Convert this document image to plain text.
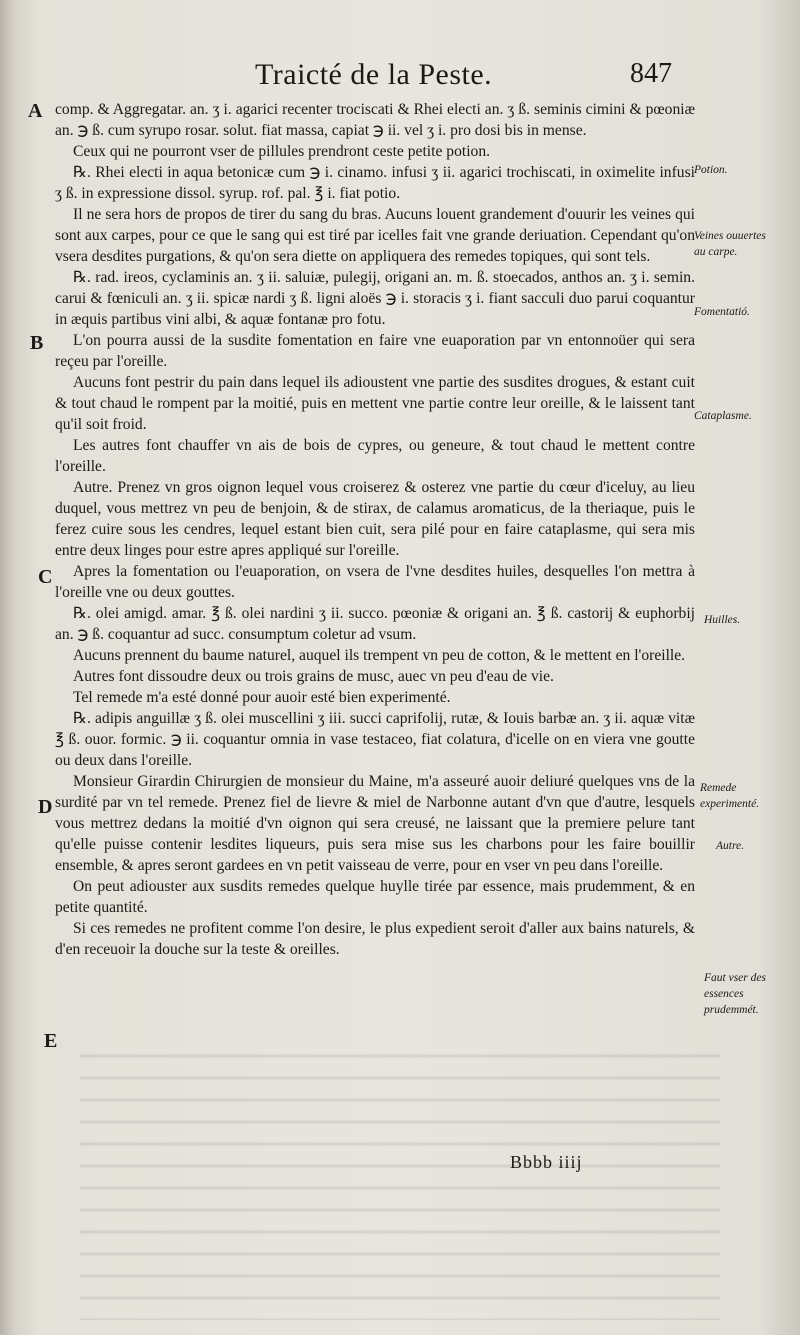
Traicté de la Peste.	847
A
B
C
D
E
Potion.
Veines ouuertes au carpe.
Fomentatió.
Cataplasme.
Huilles.
Remede experimenté.
Autre.
Faut vser des essences prudemmét.

comp. & Aggregatar. an. ʒ i. agarici recenter trociscati & Rhei electi an. ʒ ß. seminis cimini & pœoniæ an. ℈ ß. cum syrupo rosar. solut. fiat massa, capiat ℈ ii. vel ʒ i. pro dosi bis in mense.

Ceux qui ne pourront vser de pillules prendront ceste petite potion.

℞. Rhei electi in aqua betonicæ cum ℈ i. cinamo. infusi ʒ ii. agarici trochiscati, in oximelite infusi ʒ ß. in expressione dissol. syrup. rof. pal. ℥ i. fiat potio.

Il ne sera hors de propos de tirer du sang du bras. Aucuns louent grandement d'ouurir les veines qui sont aux carpes, pour ce que le sang qui est tiré par icelles fait vne grande deriuation. Cependant qu'on vsera desdites purgations, & qu'on sera diette on appliquera des remedes topiques, qui sont tels.

℞. rad. ireos, cyclaminis an. ʒ ii. saluiæ, pulegij, origani an. m. ß. stoecados, anthos an. ʒ i. semin. carui & fœniculi an. ʒ ii. spicæ nardi ʒ ß. ligni aloës ℈ i. storacis ʒ i. fiant sacculi duo parui coquantur in æquis partibus vini albi, & aquæ fontanæ pro fotu.

L'on pourra aussi de la susdite fomentation en faire vne euaporation par vn entonnoüer qui sera reçeu par l'oreille.

Aucuns font pestrir du pain dans lequel ils adioustent vne partie des susdites drogues, & estant cuit & tout chaud le rompent par la moitié, puis en mettent vne partie contre leur oreille, & le laissent tant qu'il soit froid.

Les autres font chauffer vn ais de bois de cypres, ou geneure, & tout chaud le mettent contre l'oreille.

Autre. Prenez vn gros oignon lequel vous croiserez & osterez vne partie du cœur d'iceluy, au lieu duquel, vous mettrez vn peu de benjoin, & de stirax, de calamus aromaticus, de la theriaque, puis le ferez cuire sous les cendres, lequel estant bien cuit, sera pilé pour en faire cataplasme, qui sera mis entre deux linges pour estre apres appliqué sur l'oreille.

Apres la fomentation ou l'euaporation, on vsera de l'vne desdites huiles, desquelles l'on mettra à l'oreille vne ou deux gouttes.

℞. olei amigd. amar. ℥ ß. olei nardini ʒ ii. succo. pœoniæ & origani an. ℥ ß. castorij & euphorbij an. ℈ ß. coquantur ad succ. consumptum coletur ad vsum.

Aucuns prennent du baume naturel, auquel ils trempent vn peu de cotton, & le mettent en l'oreille.

Autres font dissoudre deux ou trois grains de musc, auec vn peu d'eau de vie.

Tel remede m'a esté donné pour auoir esté bien experimenté.

℞. adipis anguillæ ʒ ß. olei muscellini ʒ iii. succi caprifolij, rutæ, & Iouis barbæ an. ʒ ii. aquæ vitæ ℥ ß. ouor. formic. ℈ ii. coquantur omnia in vase testaceo, fiat colatura, d'icelle on en viera vne goutte ou deux dans l'oreille.

Monsieur Girardin Chirurgien de monsieur du Maine, m'a asseuré auoir deliuré quelques vns de la surdité par vn tel remede. Prenez fiel de lievre & miel de Narbonne autant d'vn que d'autre, lesquels vous mettrez dedans la moitié d'vn oignon qui sera creusé, ne laissant que la premiere pelure tant qu'elle puisse contenir lesdites liqueurs, puis sera mise sus les charbons pour les faire bouillir ensemble, & apres seront gardees en vn petit vaisseau de verre, pour en vser vn peu dans l'oreille.

On peut adiouster aux susdits remedes quelque huylle tirée par essence, mais prudemment, & en petite quantité.

Si ces remedes ne profitent comme l'on desire, le plus expedient seroit d'aller aux bains naturels, & d'en receuoir la douche sur la teste & oreilles.

Bbbb iiij
